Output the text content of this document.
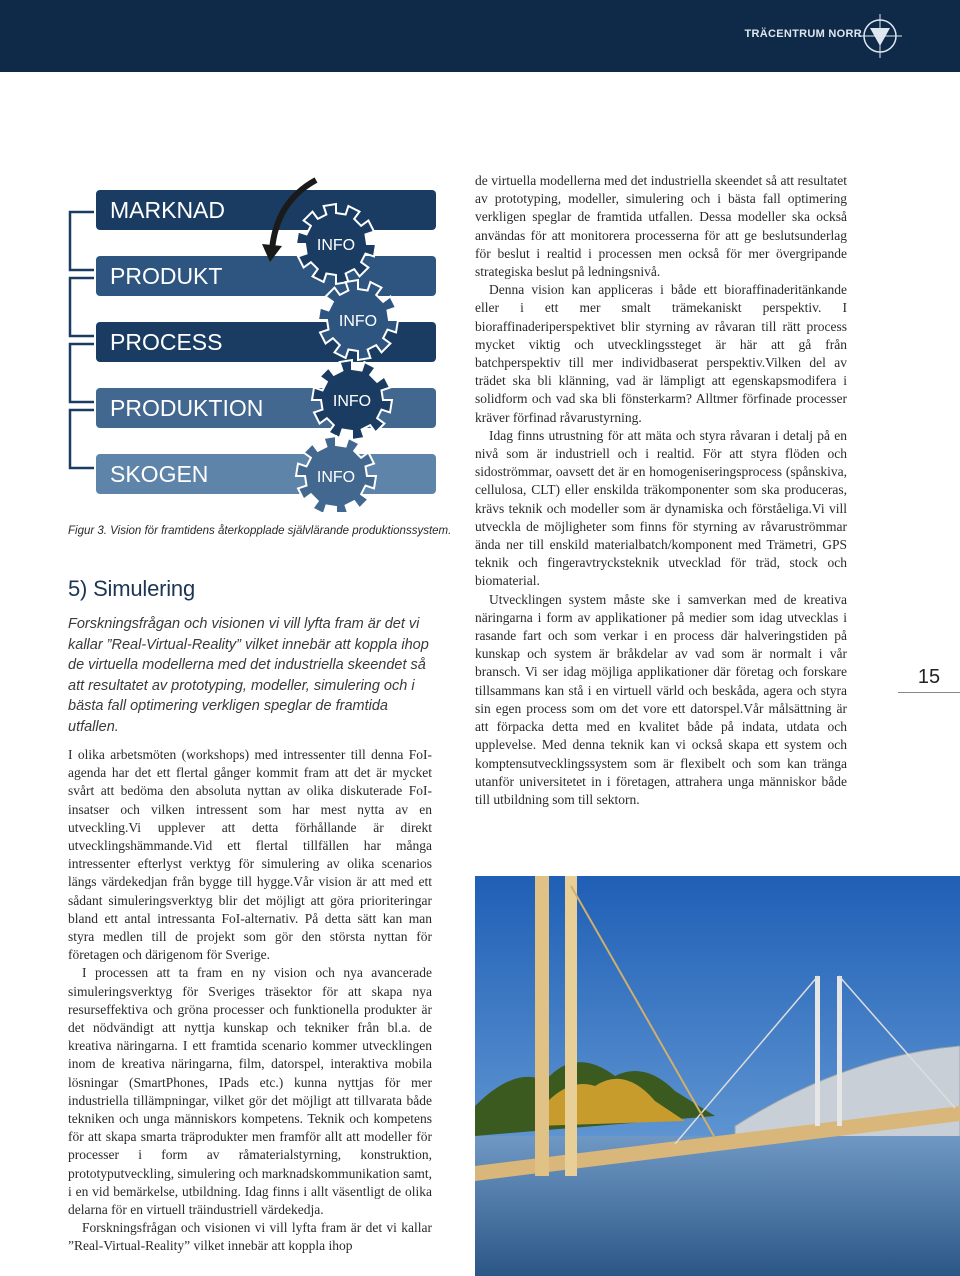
TRÄCENTRUM NORR
MARKNAD
PRODUKT
PROCESS
PRODUKTION
SKOGEN
INFO
INFO
INFO
INFO
Figur 3. Vision för framtidens återkopplade självlärande produktionssystem.
5) Simulering

Forskningsfrågan och visionen vi vill lyfta fram är det vi kallar ”Real-Virtual-Reality” vilket innebär att koppla ihop de virtuella modellerna med det industriella skeendet så att resultatet av prototyping, modeller, simulering och i bästa fall optimering verkligen speglar de framtida utfallen.

I olika arbetsmöten (workshops) med intressenter till denna FoI-agenda har det ett flertal gånger kommit fram att det är mycket svårt att bedöma den absoluta nyttan av olika diskuterade FoI-insatser och vilken intressent som har mest nytta av en utveckling.Vi upplever att detta förhållande är direkt utvecklingshämmande.Vid ett flertal tillfällen har många intressenter efterlyst verktyg för simulering av olika scenarios längs värdekedjan från bygge till hygge.Vår vision är att med ett sådant simuleringsverktyg blir det möjligt att göra prioriteringar bland ett antal intressanta FoI-alternativ. På detta sätt kan man styra medlen till de projekt som gör den största nyttan för företagen och därigenom för Sverige.

I processen att ta fram en ny vision och nya avancerade simuleringsverktyg för Sveriges träsektor för att skapa nya resurseffektiva och gröna processer och funktionella produkter är det nödvändigt att nyttja kunskap och tekniker från bl.a. de kreativa näringarna. I ett framtida scenario kommer utvecklingen inom de kreativa näringarna, film, datorspel, interaktiva mobila lösningar (SmartPhones, IPads etc.) kunna nyttjas för mer industriella tillämpningar, vilket gör det möjligt att tillvarata både tekniken och unga människors kompetens. Teknik och kompetens för att skapa smarta träprodukter men framför allt att modeller för processer i form av råmaterialstyrning, konstruktion, prototyputveckling, simulering och marknadskommunikation samt, i en vid bemärkelse, utbildning. Idag finns i allt väsentligt de olika delarna för en virtuell träindustriell värdekedja.

Forskningsfrågan och visionen vi vill lyfta fram är det vi kallar ”Real-Virtual-Reality” vilket innebär att koppla ihop

de virtuella modellerna med det industriella skeendet så att resultatet av prototyping, modeller, simulering och i bästa fall optimering verkligen speglar de framtida utfallen. Dessa modeller ska också användas för att monitorera processerna för att ge beslutsunderlag för beslut i realtid i processen men också för mer övergripande strategiska beslut på ledningsnivå.

Denna vision kan appliceras i både ett bioraffinaderitänkande eller i ett mer smalt trämekaniskt perspektiv. I bioraffinaderiperspektivet blir styrning av råvaran till rätt process mycket viktig och utvecklingssteget är här att gå från batchperspektiv till mer individbaserat perspektiv.Vilken del av trädet ska bli klänning, vad är lämpligt att egenskapsmodifera i solidform och vad ska bli fönsterkarm? Alltmer förfinade processer kräver förfinad råvarustyrning.

Idag finns utrustning för att mäta och styra råvaran i detalj på en nivå som är industriell och i realtid. För att styra flöden och sidoströmmar, oavsett det är en homogeniseringsprocess (spånskiva, cellulosa, CLT) eller enskilda träkomponenter som ska produceras, krävs teknik och modeller som är dynamiska och förståeliga.Vi vill utveckla de möjligheter som finns för styrning av råvaruströmmar ända ner till enskild materialbatch/komponent med Trämetri, GPS teknik och fingeravtrycksteknik utvecklad för träd, stock och biomaterial.

Utvecklingen system måste ske i samverkan med de kreativa näringarna i form av applikationer på medier som idag utvecklas i rasande fart och som verkar i en process där halveringstiden på kunskap och system är bråkdelar av vad som är normalt i vår bransch. Vi ser idag möjliga applikationer där företag och forskare tillsammans kan stå i en virtuell värld och beskåda, agera och styra sin egen process som om det vore ett datorspel.Vår målsättning är att förpacka detta med en kvalitet både på indata, utdata och upplevelse. Med denna teknik kan vi också skapa ett system och komptensutvecklingssystem som är flexibelt och som kan tränga utanför universitetet in i företagen, attrahera unga människor både till utbildning som till sektorn.

15
